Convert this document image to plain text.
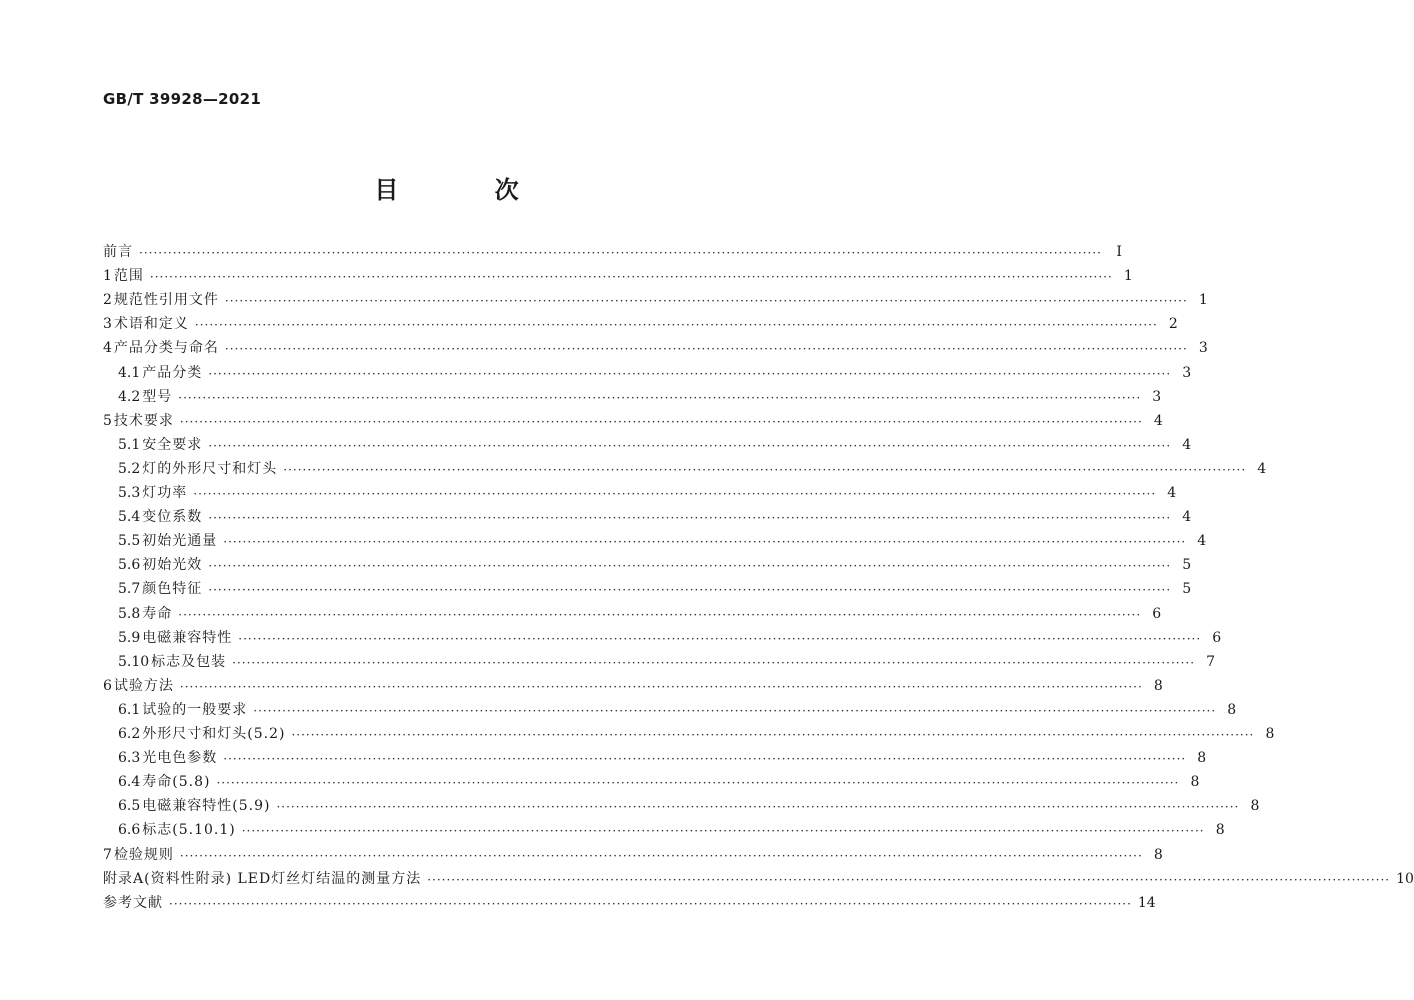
GB/T 39928—2021
目 次
前言 ········································································································································································································	Ⅰ
1 范围 ········································································································································································································ 1
2 规范性引用文件 ········································································································································································································ 1
3 术语和定义 ········································································································································································································ 2
4 产品分类与命名 ········································································································································································································ 3
4.1 产品分类 ········································································································································································································ 3
4.2 型号 ········································································································································································································ 3
5 技术要求 ········································································································································································································ 4
5.1 安全要求 ········································································································································································································ 4
5.2 灯的外形尺寸和灯头 ········································································································································································································ 4
5.3 灯功率 ········································································································································································································ 4
5.4 变位系数 ········································································································································································································ 4
5.5 初始光通量 ········································································································································································································ 4
5.6 初始光效 ········································································································································································································ 5
5.7 颜色特征 ········································································································································································································ 5
5.8 寿命 ········································································································································································································ 6
5.9 电磁兼容特性 ········································································································································································································ 6
5.10 标志及包装 ········································································································································································································ 7
6 试验方法 ········································································································································································································ 8
6.1 试验的一般要求 ········································································································································································································ 8
6.2 外形尺寸和灯头(5.2) ········································································································································································································ 8
6.3 光电色参数 ········································································································································································································ 8
6.4 寿命(5.8) ········································································································································································································ 8
6.5 电磁兼容特性(5.9) ········································································································································································································ 8
6.6 标志(5.10.1) ········································································································································································································ 8
7 检验规则 ········································································································································································································ 8
附录A(资料性附录) LED灯丝灯结温的测量方法 ········································································································································································································ 10
参考文献 ········································································································································································································ 14
